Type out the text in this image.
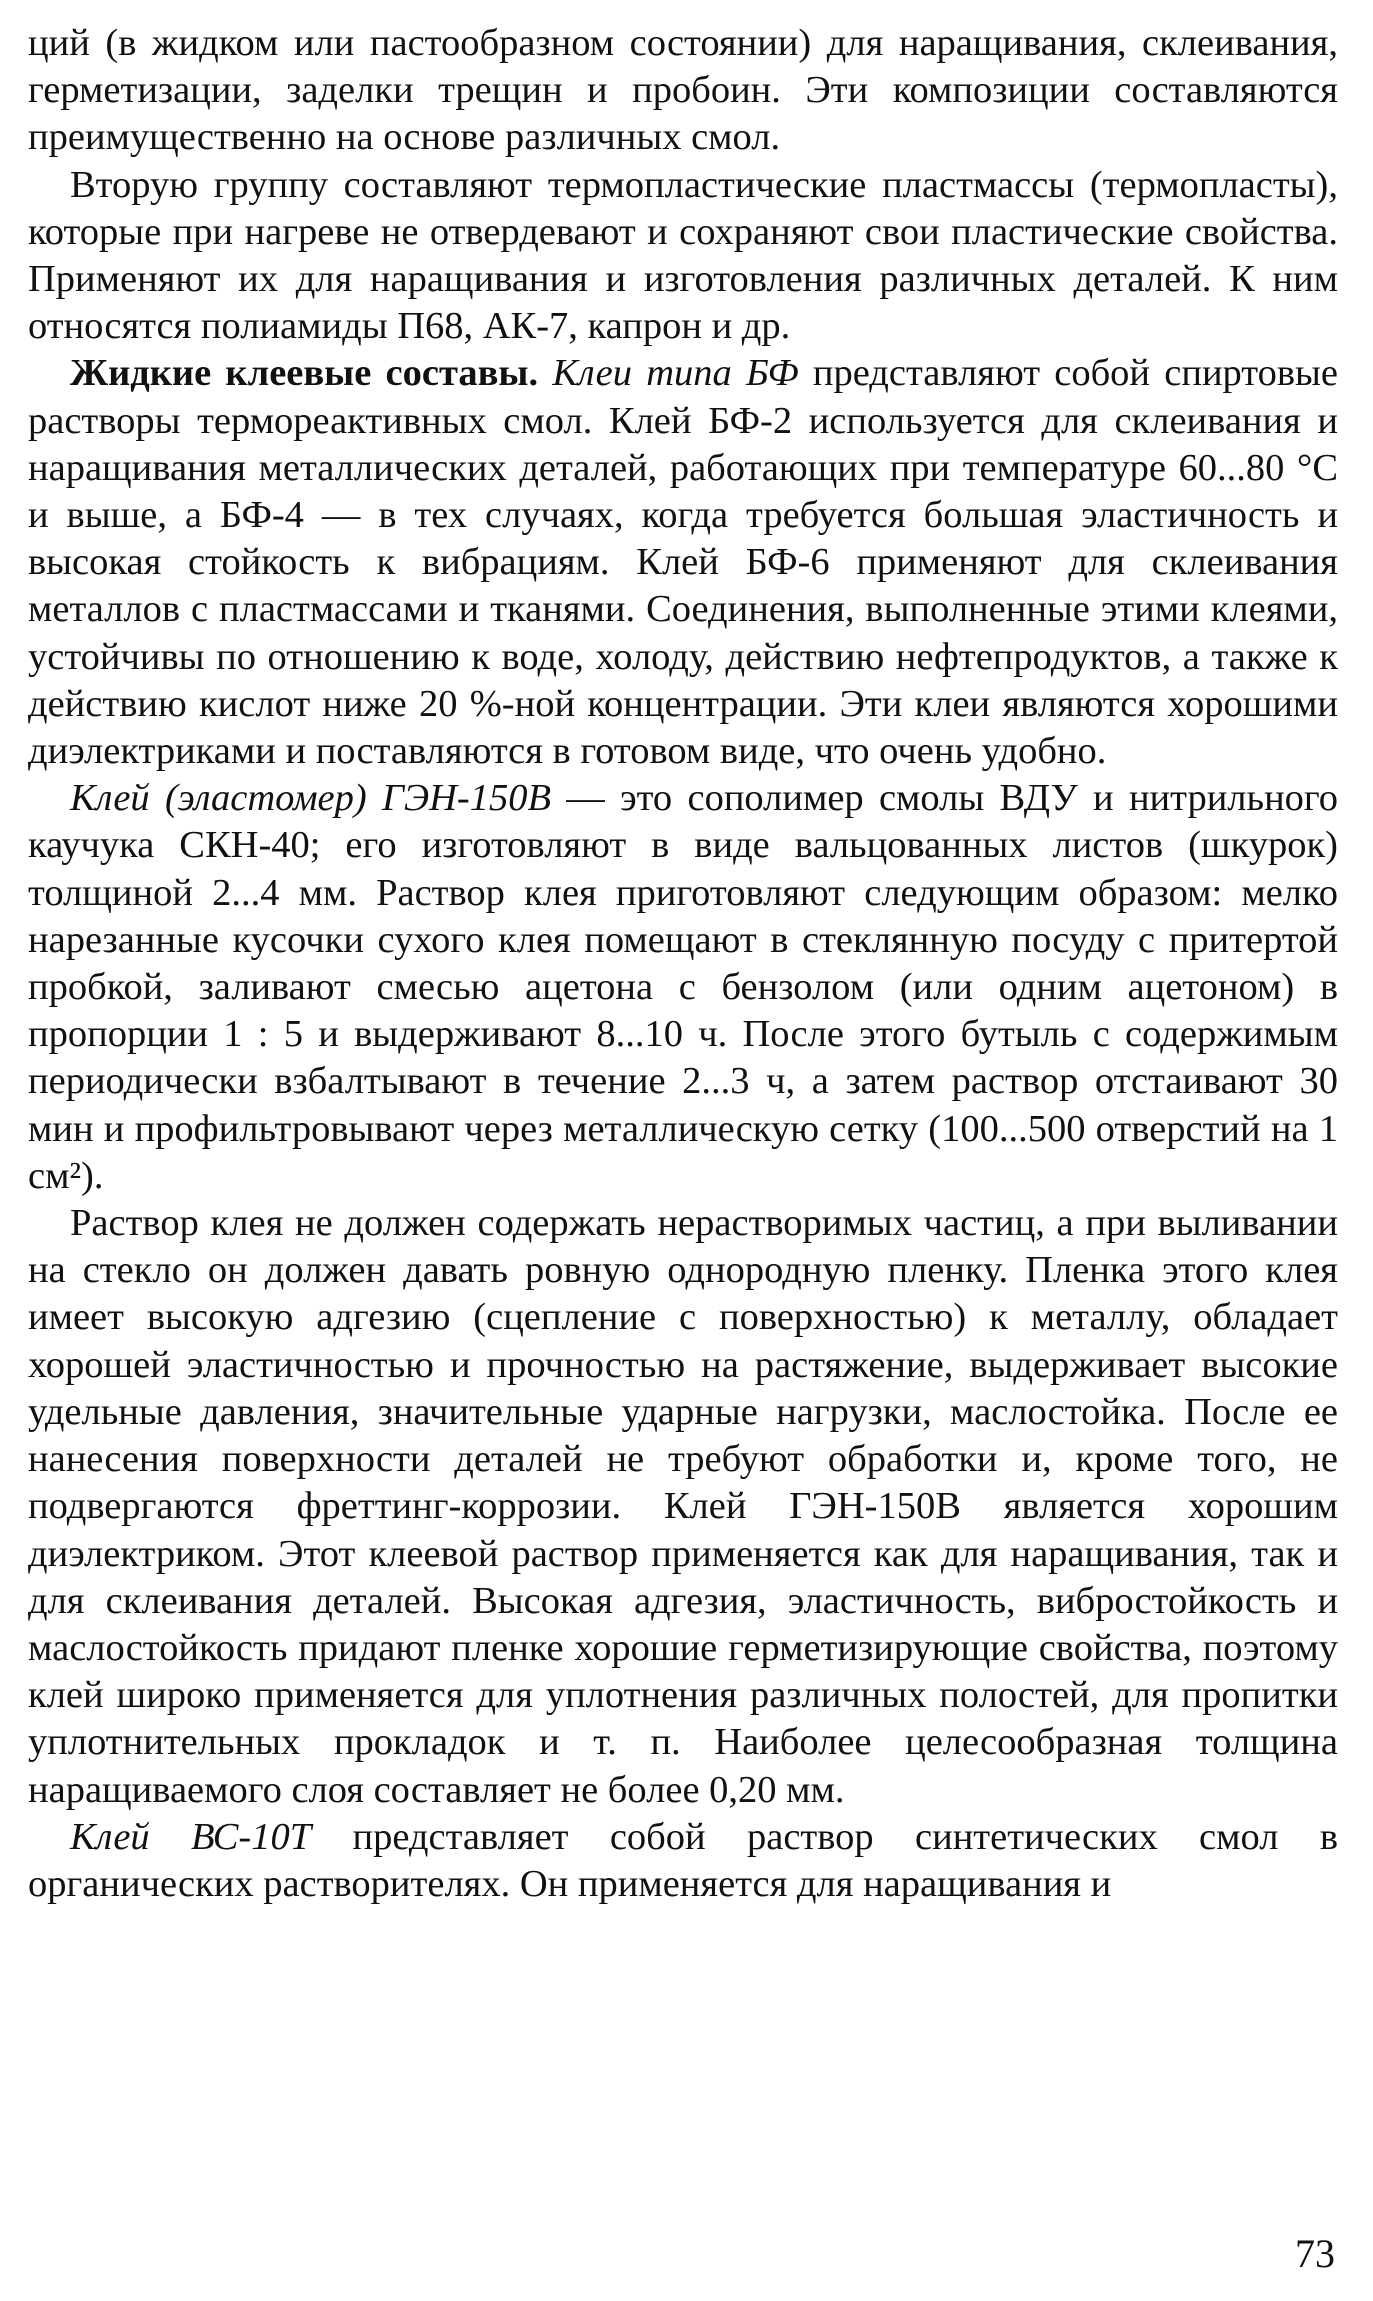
ций (в жидком или пастообразном состоянии) для наращивания, склеивания, герметизации, заделки трещин и пробоин. Эти композиции составляются преимущественно на основе различных смол.

Вторую группу составляют термопластические пластмассы (термопласты), которые при нагреве не отвердевают и сохраняют свои пластические свойства. Применяют их для наращивания и изготовления различных деталей. К ним относятся полиамиды П68, АК-7, капрон и др.

Жидкие клеевые составы. Клеи типа БФ представляют собой спиртовые растворы термореактивных смол. Клей БФ-2 используется для склеивания и наращивания металлических деталей, работающих при температуре 60...80 °С и выше, а БФ-4 — в тех случаях, когда требуется большая эластичность и высокая стойкость к вибрациям. Клей БФ-6 применяют для склеивания металлов с пластмассами и тканями. Соединения, выполненные этими клеями, устойчивы по отношению к воде, холоду, действию нефтепродуктов, а также к действию кислот ниже 20 %-ной концентрации. Эти клеи являются хорошими диэлектриками и поставляются в готовом виде, что очень удобно.

Клей (эластомер) ГЭН-150В — это сополимер смолы ВДУ и нитрильного каучука СКН-40; его изготовляют в виде вальцованных листов (шкурок) толщиной 2...4 мм. Раствор клея приготовляют следующим образом: мелко нарезанные кусочки сухого клея помещают в стеклянную посуду с притертой пробкой, заливают смесью ацетона с бензолом (или одним ацетоном) в пропорции 1 : 5 и выдерживают 8...10 ч. После этого бутыль с содержимым периодически взбалтывают в течение 2...3 ч, а затем раствор отстаивают 30 мин и профильтровывают через металлическую сетку (100...500 отверстий на 1 см²).

Раствор клея не должен содержать нерастворимых частиц, а при выливании на стекло он должен давать ровную однородную пленку. Пленка этого клея имеет высокую адгезию (сцепление с поверхностью) к металлу, обладает хорошей эластичностью и прочностью на растяжение, выдерживает высокие удельные давления, значительные ударные нагрузки, маслостойка. После ее нанесения поверхности деталей не требуют обработки и, кроме того, не подвергаются фреттинг-коррозии. Клей ГЭН-150В является хорошим диэлектриком. Этот клеевой раствор применяется как для наращивания, так и для склеивания деталей. Высокая адгезия, эластичность, вибростойкость и маслостойкость придают пленке хорошие герметизирующие свойства, поэтому клей широко применяется для уплотнения различных полостей, для пропитки уплотнительных прокладок и т. п. Наиболее целесообразная толщина наращиваемого слоя составляет не более 0,20 мм.

Клей ВС-10Т представляет собой раствор синтетических смол в органических растворителях. Он применяется для наращивания и

73
